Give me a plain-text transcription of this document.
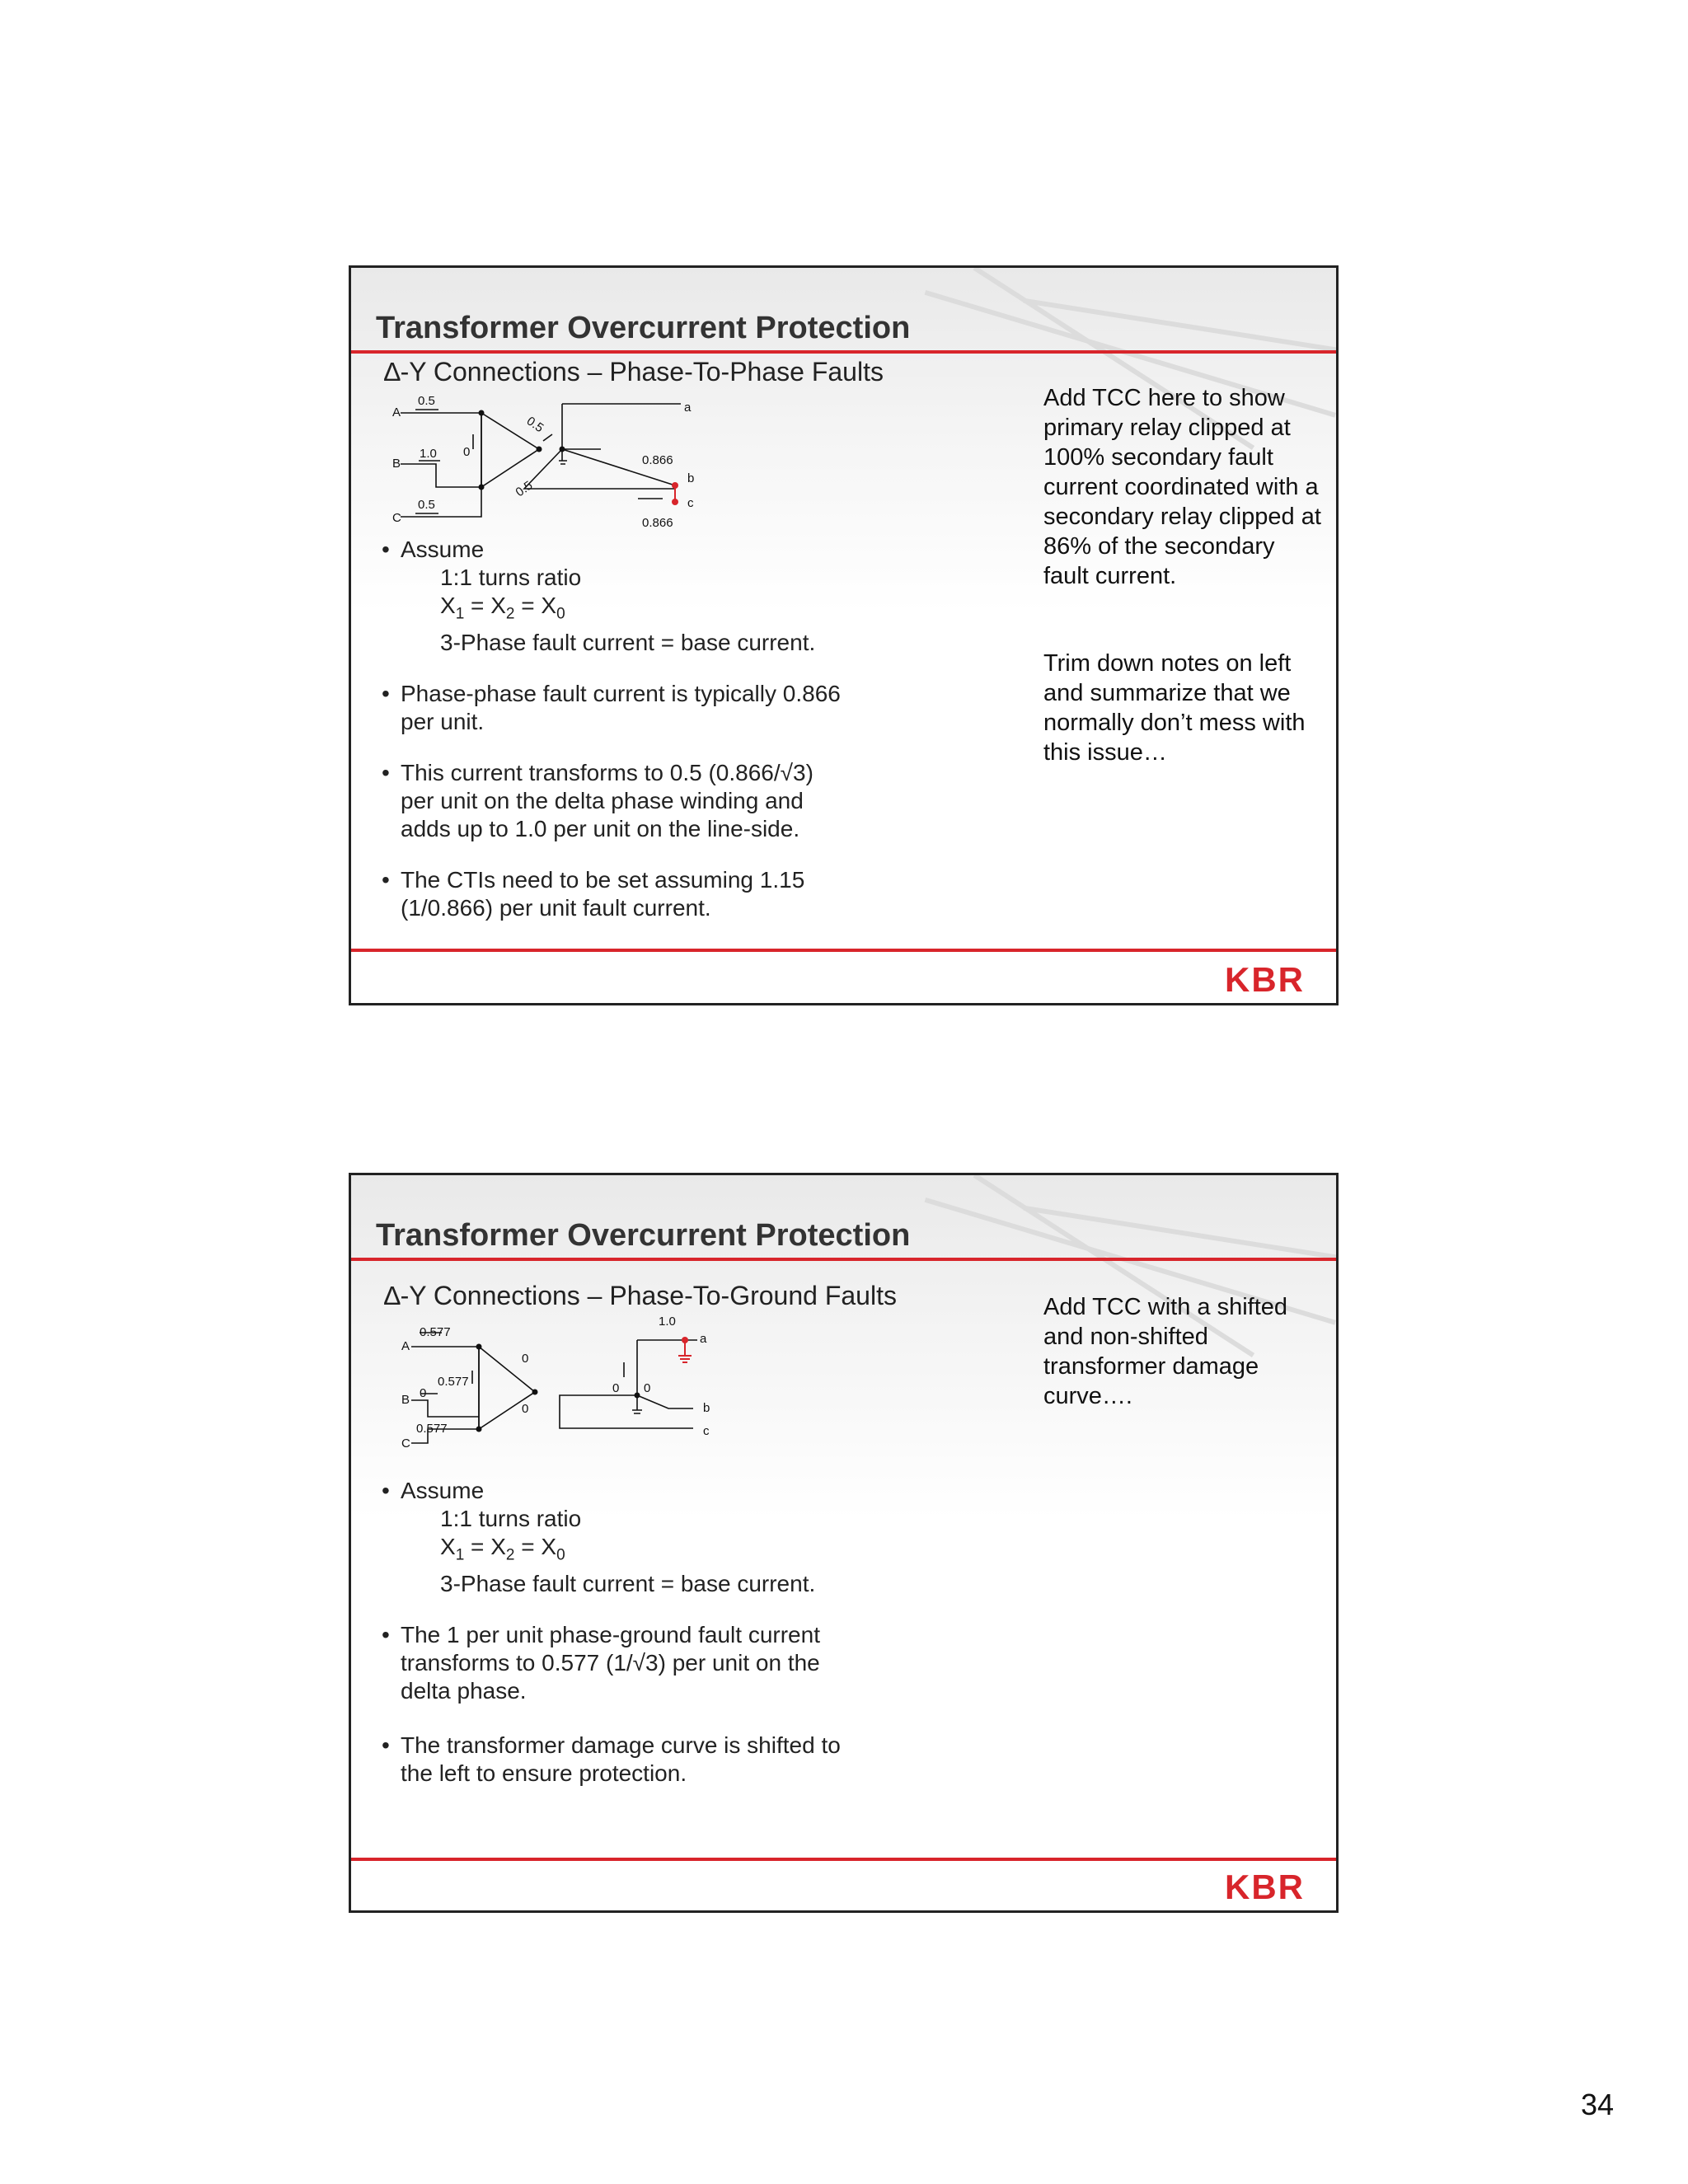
Transformer Overcurrent Protection
∆-Y Connections – Phase-To-Phase Faults
A
B
C
0.5
1.0
0.5
0
0.5
0.5
a
b
c
0.866
0.866
• Assume
1:1 turns ratio
$X_1 = X_2 = X_0$
3-Phase fault current = base current.
• Phase-phase fault current is typically 0.866 per unit.
• This current transforms to 0.5 (0.866/√3) per unit on the delta phase winding and adds up to 1.0 per unit on the line-side.
• The CTIs need to be set assuming 1.15 (1/0.866) per unit fault current.

Add TCC here to show primary relay clipped at 100% secondary fault current coordinated with a secondary relay clipped at 86% of the secondary fault current.

Trim down notes on left and summarize that we normally don’t mess with this issue…

KBR
Transformer Overcurrent Protection
∆-Y Connections – Phase-To-Ground Faults
A
B
C
0.577
0
0.577
0.577
0
0
a
b
c
1.0
0 0
• Assume
1:1 turns ratio
$X_1 = X_2 = X_0$
3-Phase fault current = base current.
• The 1 per unit phase-ground fault current transforms to 0.577 (1/√3) per unit on the delta phase.
• The transformer damage curve is shifted to the left to ensure protection.

Add TCC with a shifted and non-shifted transformer damage curve….

KBR
34
